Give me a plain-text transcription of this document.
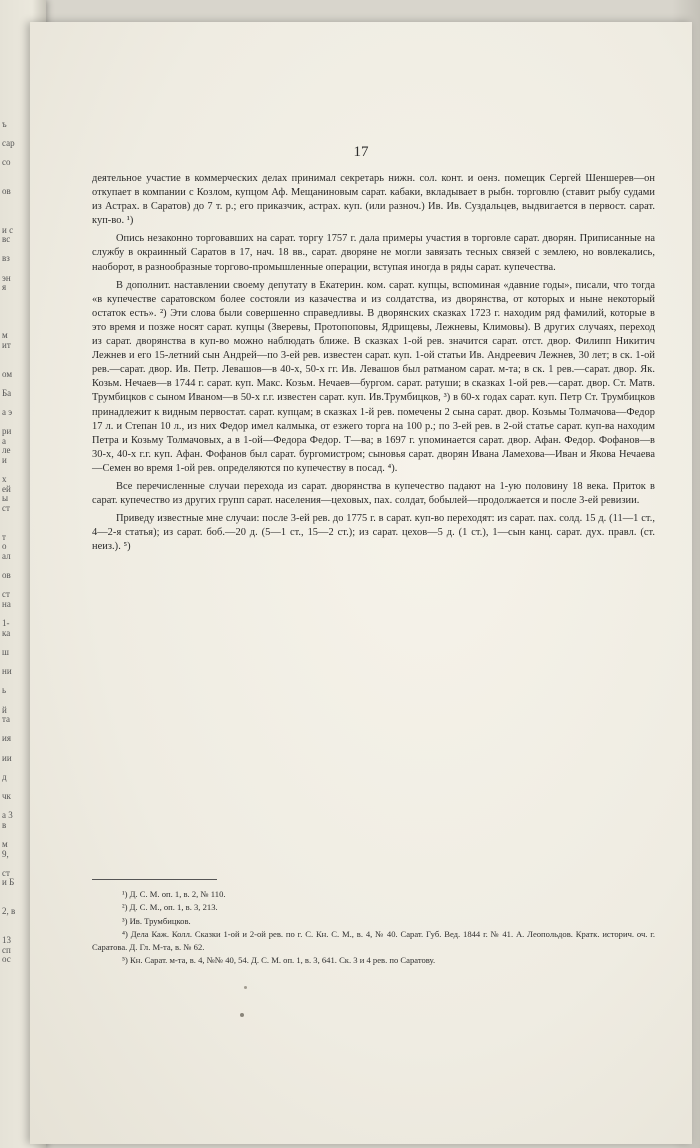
ъ
сар
со
ов
и с
вс
вз
эн
я
м
ит
ом
Ба
а э
ри
а
ле
и
х
ей
ы
ст
т
о
ал
ов
ст
на
1-
ка
ш
ни
ь
й
та
ия
ии
д
чк
а 3
в
м
9,
ст
и Б
2, в
13
сп
ос
17

деятельное участие в коммерческих делах принимал секретарь нижн. сол. конт. и оенз. помещик Сергей Шеншерев—он откупает в компании с Козлом, купцом Аф. Мещаниновым сарат. кабаки, вкладывает в рыбн. торговлю (ставит рыбу судами из Астрах. в Саратов) до 7 т. р.; его приказчик, астрах. куп. (или разноч.) Ив. Ив. Суздальцев, выдвигается в первост. сарат. куп-во. ¹)

Опись незаконно торговавших на сарат. торгу 1757 г. дала примеры участия в торговле сарат. дворян. Приписанные на службу в окраинный Саратов в 17, нач. 18 вв., сарат. дворяне не могли завязать тесных связей с землею, но вовлекались, наоборот, в разнообразные торгово-промышленные операции, вступая иногда в ряды сарат. купечества.

В дополнит. наставлении своему депутату в Екатерин. ком. сарат. купцы, вспоминая «давние годы», писали, что тогда «в купечестве саратовском более состояли из казачества и из солдатства, из дворянства, от которых и ныне некоторый остаток есть». ²) Эти слова были совершенно справедливы. В дворянских сказках 1723 г. находим ряд фамилий, которые в это время и позже носят сарат. купцы (Зверевы, Протопоповы, Ядрищевы, Лежневы, Климовы). В других случаях, переход из сарат. дворянства в куп-во можно наблюдать ближе. В сказках 1-ой рев. значится сарат. отст. двор. Филипп Никитич Лежнев и его 15-летний сын Андрей—по 3-ей рев. известен сарат. куп. 1-ой статьи Ив. Андреевич Лежнев, 30 лет; в ск. 1-ой рев.—сарат. двор. Ив. Петр. Левашов—в 40-х, 50-х гг. Ив. Левашов был ратманом сарат. м-та; в ск. 1 рев.—сарат. двор. Як. Козьм. Нечаев—в 1744 г. сарат. куп. Макс. Козьм. Нечаев—бургом. сарат. ратуши; в сказках 1-ой рев.—сарат. двор. Ст. Матв. Трумбицков с сыном Иваном—в 50-х г.г. известен сарат. куп. Ив.Трумбицков, ³) в 60-х годах сарат. куп. Петр Ст. Трумбицков принадлежит к видным первостат. сарат. купцам; в сказках 1-й рев. помечены 2 сына сарат. двор. Козьмы Толмачова—Федор 17 л. и Степан 10 л., из них Федор имел калмыка, от езжего торга на 100 р.; по 3-ей рев. в 2-ой статье сарат. куп-ва находим Петра и Козьму Толмачовых, а в 1-ой—Федора Федор. Т—ва; в 1697 г. упоминается сарат. двор. Афан. Федор. Фофанов—в 30-х, 40-х г.г. куп. Афан. Фофанов был сарат. бургомистром; сыновья сарат. дворян Ивана Ламехова—Иван и Якова Нечаева—Семен во время 1-ой рев. определяются по купечеству в посад. ⁴).

Все перечисленные случаи перехода из сарат. дворянства в купечество падают на 1-ую половину 18 века. Приток в сарат. купечество из других групп сарат. населения—цеховых, пах. солдат, бобылей—продолжается и после 3-ей ревизии.

Приведу известные мне случаи: после 3-ей рев. до 1775 г. в сарат. куп-во переходят: из сарат. пах. солд. 15 д. (11—1 ст., 4—2-я статья); из сарат. боб.—20 д. (5—1 ст., 15—2 ст.); из сарат. цехов—5 д. (1 ст.), 1—сын канц. сарат. дух. правл. (ст. неиз.). ⁵)

¹) Д. С. М. оп. 1, в. 2, № 110.
²) Д. С. М., оп. 1, в. 3, 213.
³) Ив. Трумбицков.
⁴) Дела Каж. Колл. Сказки 1-ой и 2-ой рев. по г. С. Кн. С. М., в. 4, № 40. Сарат. Губ. Вед. 1844 г. № 41. А. Леопольдов. Кратк. историч. оч. г. Саратова. Д. Гл. М-та, в. № 62.
⁵) Кн. Сарат. м-та, в. 4, №№ 40, 54. Д. С. М. оп. 1, в. 3, 641. Ск. 3 и 4 рев. по Саратову.
